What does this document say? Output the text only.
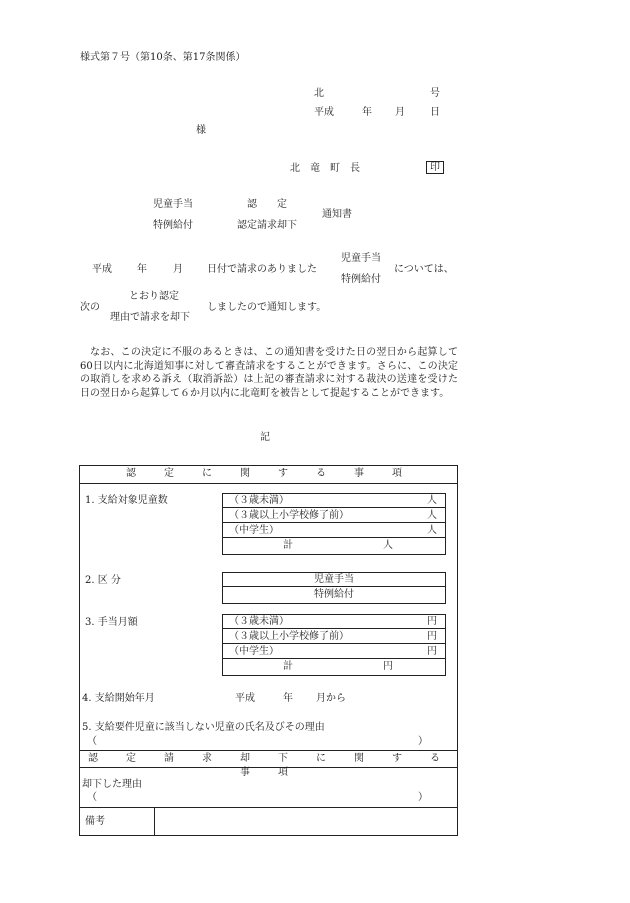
様式第７号（第10条、第17条関係）
北	号
平成	年 月	日
様
北　竜　町　長	印
児童手当
特例給付
認　　定
認定請求却下
通知書
平成	年	月 日付で請求のありました
児童手当
特例給付
については、
次の
とおり認定
理由で請求を却下
しましたので通知します。
なお、この決定に不服のあるときは、この通知書を受けた日の翌日から起算して60日以内に北海道知事に対して審査請求をすることができます。さらに、この決定の取消しを求める訴え（取消訴訟）は上記の審査請求に対する裁決の送達を受けた日の翌日から起算して６か月以内に北竜町を被告として提起することができます。
記
認　定　に　関　す　る　事　項
1. 支給対象児童数	（３歳未満）	人
（３歳以上小学校修了前）	人
（中学生）	人
計	人
2. 区 分	児童手当
特例給付
3. 手当月額	（３歳未満）	円
（３歳以上小学校修了前）	円
（中学生）	円
計	円
4. 支給開始年月	平成	年 月から
5. 支給要件児童に該当しない児童の氏名及びその理由
（	）
認　定　請　求　却　下　に　関　す　る　事　項
却下した理由
（	）
備考
